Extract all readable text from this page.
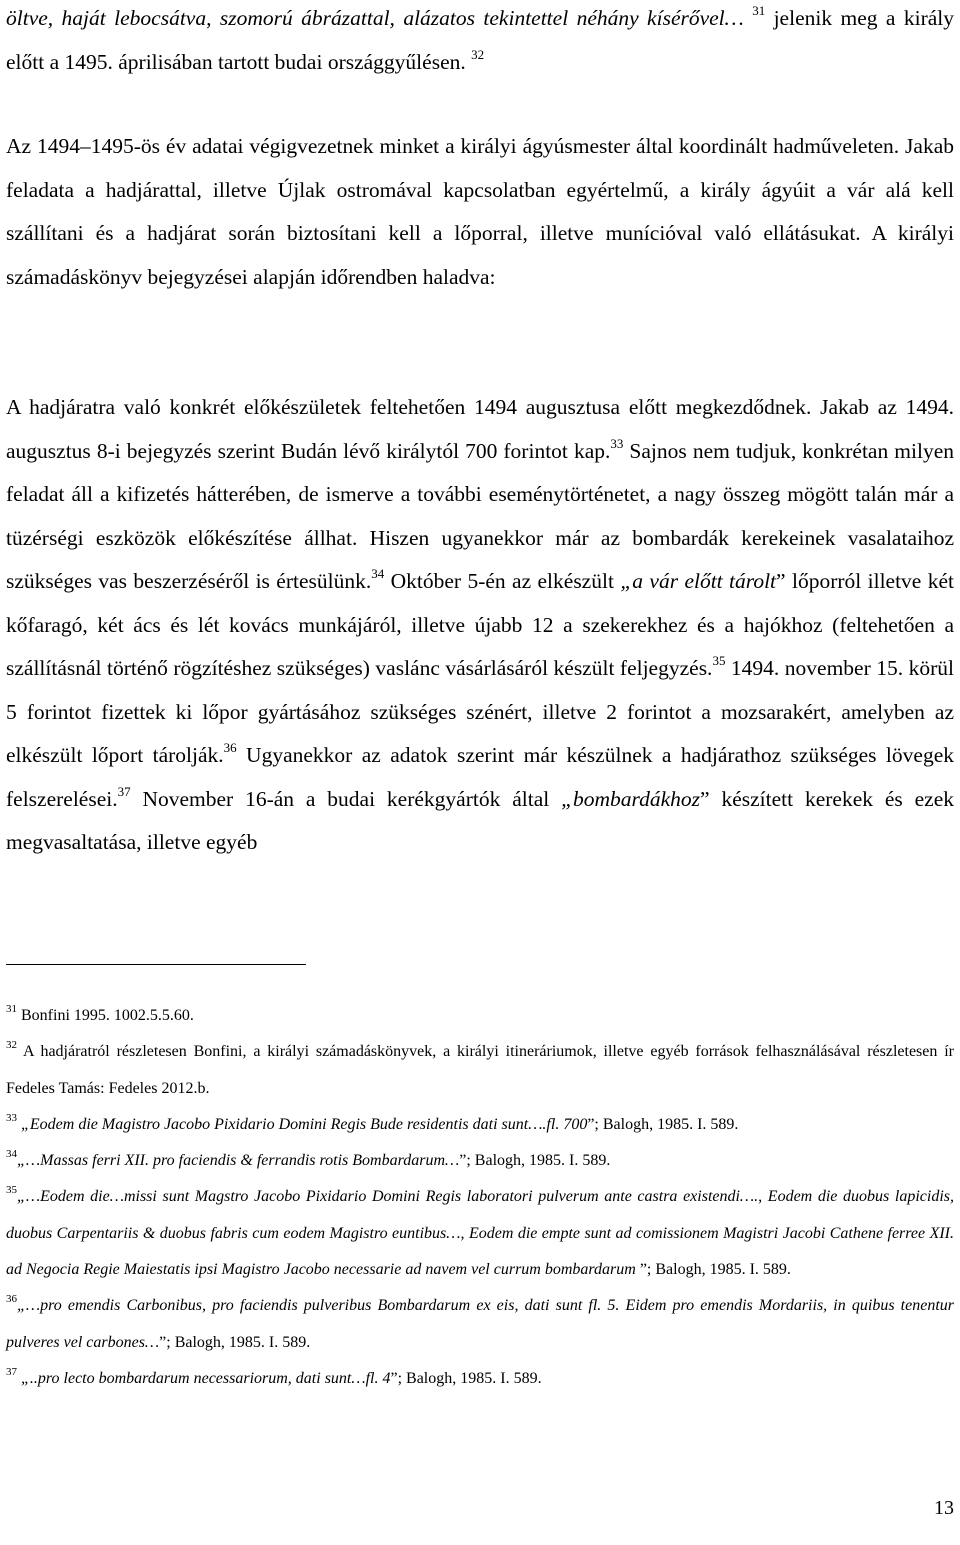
öltve, haját lebocsátva, szomorú ábrázattal, alázatos tekintettel néhány kísérővel… $^{31}$ jelenik meg a király előtt a 1495. áprilisában tartott budai országgyűlésen. $^{32}$

Az 1494–1495-ös év adatai végigvezetnek minket a királyi ágyúsmester által koordinált hadműveleten. Jakab feladata a hadjárattal, illetve Újlak ostromával kapcsolatban egyértelmű, a király ágyúit a vár alá kell szállítani és a hadjárat során biztosítani kell a lőporral, illetve munícióval való ellátásukat. A királyi számadáskönyv bejegyzései alapján időrendben haladva:

A hadjáratra való konkrét előkészületek feltehetően 1494 augusztusa előtt megkezdődnek. Jakab az 1494. augusztus 8-i bejegyzés szerint Budán lévő királytól 700 forintot kap.$^{33}$ Sajnos nem tudjuk, konkrétan milyen feladat áll a kifizetés hátterében, de ismerve a további eseménytörténetet, a nagy összeg mögött talán már a tüzérségi eszközök előkészítése állhat. Hiszen ugyanekkor már az bombardák kerekeinek vasalataihoz szükséges vas beszerzéséről is értesülünk.$^{34}$ Október 5-én az elkészült „a vár előtt tárolt” lőporról illetve két kőfaragó, két ács és lét kovács munkájáról, illetve újabb 12 a szekerekhez és a hajókhoz (feltehetően a szállításnál történő rögzítéshez szükséges) vaslánc vásárlásáról készült feljegyzés.$^{35}$ 1494. november 15. körül 5 forintot fizettek ki lőpor gyártásához szükséges szénért, illetve 2 forintot a mozsarakért, amelyben az elkészült lőport tárolják.$^{36}$ Ugyanekkor az adatok szerint már készülnek a hadjárathoz szükséges lövegek felszerelései.$^{37}$ November 16-án a budai kerékgyártók által „bombardákhoz” készített kerekek és ezek megvasaltatása, illetve egyéb

$^{31}$ Bonfini 1995. 1002.5.5.60.

$^{32}$ A hadjáratról részletesen Bonfini, a királyi számadáskönyvek, a királyi itineráriumok, illetve egyéb források felhasználásával részletesen ír Fedeles Tamás: Fedeles 2012.b.

$^{33}$ „Eodem die Magistro Jacobo Pixidario Domini Regis Bude residentis dati sunt….fl. 700”; Balogh, 1985. I. 589.

$^{34}$„…Massas ferri XII. pro faciendis & ferrandis rotis Bombardarum…”; Balogh, 1985. I. 589.

$^{35}$„…Eodem die…missi sunt Magstro Jacobo Pixidario Domini Regis laboratori pulverum ante castra existendi…., Eodem die duobus lapicidis, duobus Carpentariis & duobus fabris cum eodem Magistro euntibus…, Eodem die empte sunt ad comissionem Magistri Jacobi Cathene ferree XII. ad Negocia Regie Maiestatis ipsi Magistro Jacobo necessarie ad navem vel currum bombardarum ”; Balogh, 1985. I. 589.

$^{36}$„…pro emendis Carbonibus, pro faciendis pulveribus Bombardarum ex eis, dati sunt fl. 5. Eidem pro emendis Mordariis, in quibus tenentur pulveres vel carbones…”; Balogh, 1985. I. 589.

$^{37}$ „..pro lecto bombardarum necessariorum, dati sunt…fl. 4”; Balogh, 1985. I. 589.

13
